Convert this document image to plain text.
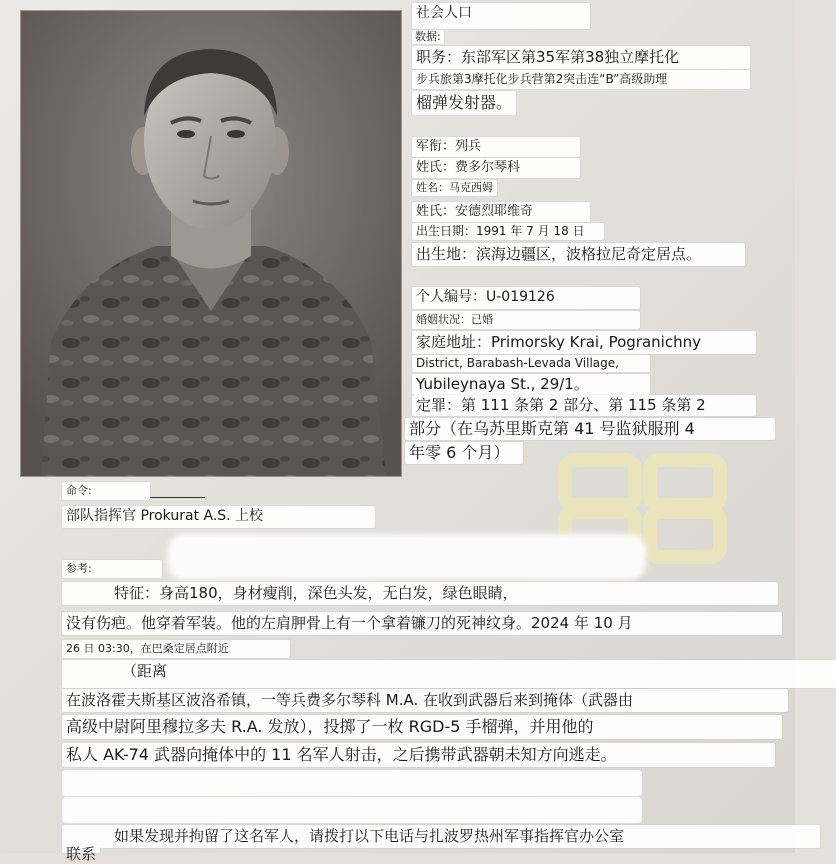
社会人口
数据:
职务：东部军区第35军第38独立摩托化
步兵旅第3摩托化步兵营第2突击连“B”高级助理
榴弹发射器。
军衔：列兵
姓氏：费多尔琴科
姓名：马克西姆
姓氏：安德烈耶维奇
出生日期：1991 年 7 月 18 日
出生地：滨海边疆区，波格拉尼奇定居点。
个人编号：U-019126
婚姻状况：已婚
家庭地址：Primorsky Krai, Pogranichny
District, Barabash-Levada Village,
Yubileynaya St., 29/1。
定罪：第 111 条第 2 部分、第 115 条第 2
部分（在乌苏里斯克第 41 号监狱服刑 4
年零 6 个月）
命令:
部队指挥官 Prokurat A.S. 上校
参考:
特征：身高180，身材瘦削，深色头发，无白发，绿色眼睛，
没有伤疤。他穿着军装。他的左肩胛骨上有一个拿着镰刀的死神纹身。2024 年 10 月
26 日 03:30，在巴桑定居点附近
（距离
在波洛霍夫斯基区波洛希镇，一等兵费多尔琴科 M.A. 在收到武器后来到掩体（武器由
高级中尉阿里穆拉多夫 R.A. 发放），投掷了一枚 RGD-5 手榴弹，并用他的
私人 AK-74 武器向掩体中的 11 名军人射击，之后携带武器朝未知方向逃走。
如果发现并拘留了这名军人，请拨打以下电话与扎波罗热州军事指挥官办公室
联系
